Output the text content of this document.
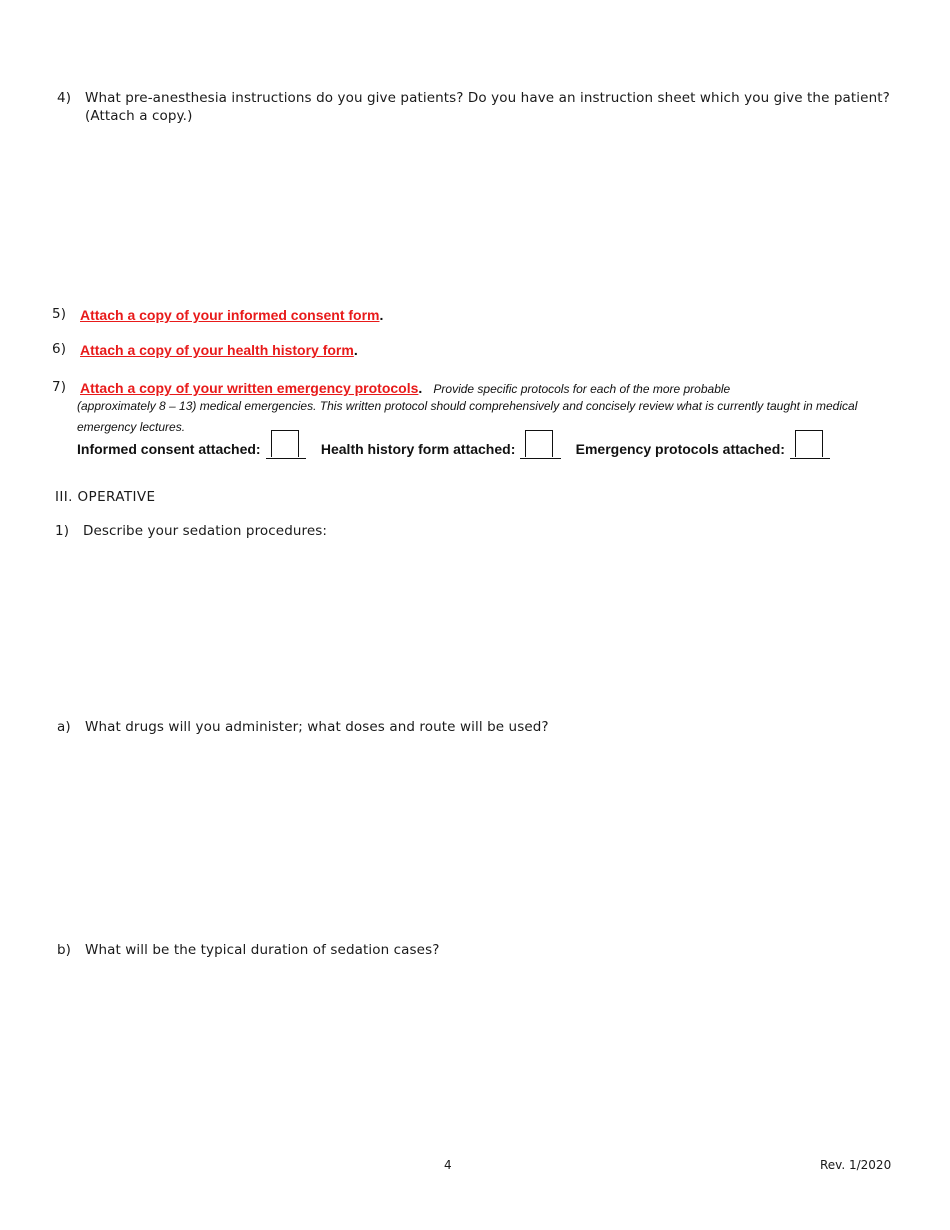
4) What pre-anesthesia instructions do you give patients? Do you have an instruction sheet which you give the patient?
(Attach a copy.)
5) Attach a copy of your informed consent form.
6) Attach a copy of your health history form.
7) Attach a copy of your written emergency protocols. Provide specific protocols for each of the more probable
(approximately 8 – 13) medical emergencies. This written protocol should comprehensively and concisely review what is currently taught in medical
emergency lectures.
Informed consent attached:	Health history form attached:	Emergency protocols attached:
III. OPERATIVE
1) Describe your sedation procedures:
a) What drugs will you administer; what doses and route will be used?
b) What will be the typical duration of sedation cases?
4	Rev. 1/2020
